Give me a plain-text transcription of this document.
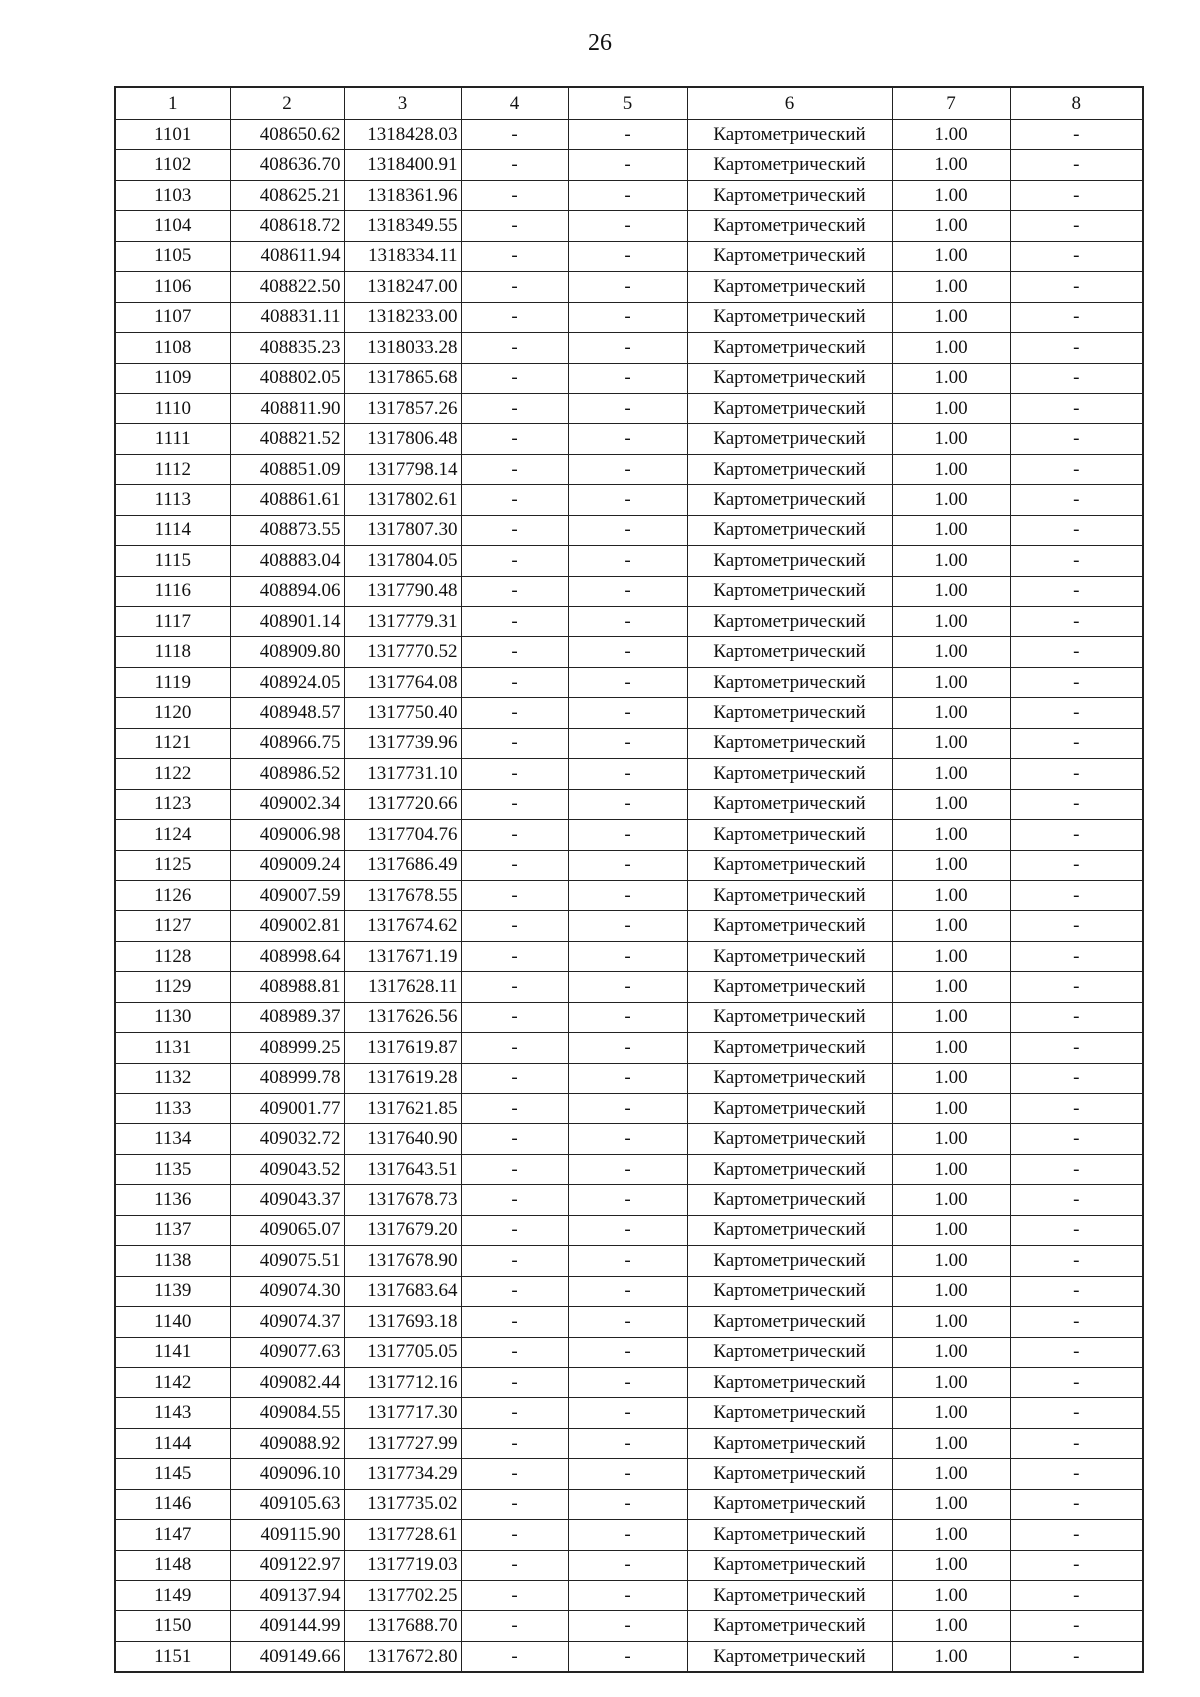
26
1	2	3	4	5	6	7	8
1101	408650.62	1318428.03	-	-	Картометрический	1.00	-
1102	408636.70	1318400.91	-	-	Картометрический	1.00	-
1103	408625.21	1318361.96	-	-	Картометрический	1.00	-
1104	408618.72	1318349.55	-	-	Картометрический	1.00	-
1105	408611.94	1318334.11	-	-	Картометрический	1.00	-
1106	408822.50	1318247.00	-	-	Картометрический	1.00	-
1107	408831.11	1318233.00	-	-	Картометрический	1.00	-
1108	408835.23	1318033.28	-	-	Картометрический	1.00	-
1109	408802.05	1317865.68	-	-	Картометрический	1.00	-
1110	408811.90	1317857.26	-	-	Картометрический	1.00	-
1111	408821.52	1317806.48	-	-	Картометрический	1.00	-
1112	408851.09	1317798.14	-	-	Картометрический	1.00	-
1113	408861.61	1317802.61	-	-	Картометрический	1.00	-
1114	408873.55	1317807.30	-	-	Картометрический	1.00	-
1115	408883.04	1317804.05	-	-	Картометрический	1.00	-
1116	408894.06	1317790.48	-	-	Картометрический	1.00	-
1117	408901.14	1317779.31	-	-	Картометрический	1.00	-
1118	408909.80	1317770.52	-	-	Картометрический	1.00	-
1119	408924.05	1317764.08	-	-	Картометрический	1.00	-
1120	408948.57	1317750.40	-	-	Картометрический	1.00	-
1121	408966.75	1317739.96	-	-	Картометрический	1.00	-
1122	408986.52	1317731.10	-	-	Картометрический	1.00	-
1123	409002.34	1317720.66	-	-	Картометрический	1.00	-
1124	409006.98	1317704.76	-	-	Картометрический	1.00	-
1125	409009.24	1317686.49	-	-	Картометрический	1.00	-
1126	409007.59	1317678.55	-	-	Картометрический	1.00	-
1127	409002.81	1317674.62	-	-	Картометрический	1.00	-
1128	408998.64	1317671.19	-	-	Картометрический	1.00	-
1129	408988.81	1317628.11	-	-	Картометрический	1.00	-
1130	408989.37	1317626.56	-	-	Картометрический	1.00	-
1131	408999.25	1317619.87	-	-	Картометрический	1.00	-
1132	408999.78	1317619.28	-	-	Картометрический	1.00	-
1133	409001.77	1317621.85	-	-	Картометрический	1.00	-
1134	409032.72	1317640.90	-	-	Картометрический	1.00	-
1135	409043.52	1317643.51	-	-	Картометрический	1.00	-
1136	409043.37	1317678.73	-	-	Картометрический	1.00	-
1137	409065.07	1317679.20	-	-	Картометрический	1.00	-
1138	409075.51	1317678.90	-	-	Картометрический	1.00	-
1139	409074.30	1317683.64	-	-	Картометрический	1.00	-
1140	409074.37	1317693.18	-	-	Картометрический	1.00	-
1141	409077.63	1317705.05	-	-	Картометрический	1.00	-
1142	409082.44	1317712.16	-	-	Картометрический	1.00	-
1143	409084.55	1317717.30	-	-	Картометрический	1.00	-
1144	409088.92	1317727.99	-	-	Картометрический	1.00	-
1145	409096.10	1317734.29	-	-	Картометрический	1.00	-
1146	409105.63	1317735.02	-	-	Картометрический	1.00	-
1147	409115.90	1317728.61	-	-	Картометрический	1.00	-
1148	409122.97	1317719.03	-	-	Картометрический	1.00	-
1149	409137.94	1317702.25	-	-	Картометрический	1.00	-
1150	409144.99	1317688.70	-	-	Картометрический	1.00	-
1151	409149.66	1317672.80	-	-	Картометрический	1.00	-
